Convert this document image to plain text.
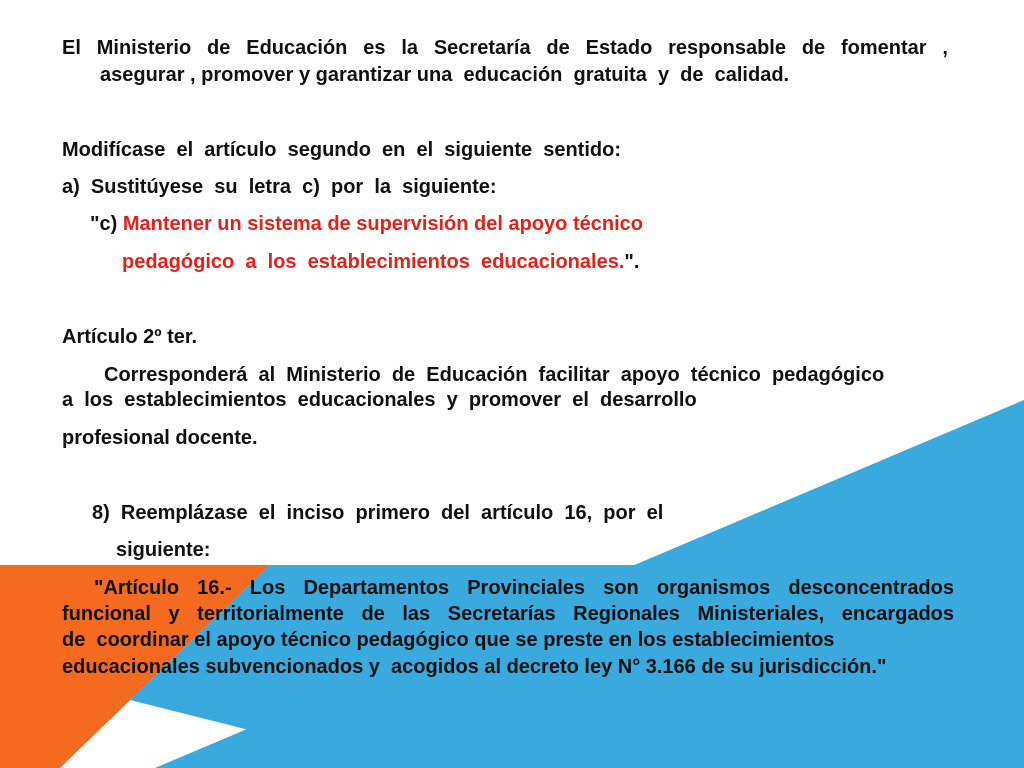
El Ministerio de Educación es la Secretaría de Estado responsable de fomentar ,
asegurar , promover y garantizar una  educación  gratuita  y  de  calidad.
Modifícase  el  artículo  segundo  en  el  siguiente  sentido:
a)  Sustitúyese  su  letra  c)  por  la  siguiente:
"c) Mantener un sistema de supervisión del apoyo técnico
pedagógico  a  los  establecimientos  educacionales.".
Artículo 2º ter.
Corresponderá  al  Ministerio  de  Educación  facilitar  apoyo  técnico  pedagógico
a  los  establecimientos  educacionales  y  promover  el  desarrollo
profesional docente.
8)  Reemplázase  el  inciso  primero  del  artículo  16,  por  el
siguiente:
"Artículo 16.- Los Departamentos Provinciales son organismos desconcentrados
funcional y territorialmente de las Secretarías Regionales Ministeriales, encargados
de  coordinar el apoyo técnico pedagógico que se preste en los establecimientos
educacionales subvencionados y  acogidos al decreto ley N° 3.166 de su jurisdicción."
